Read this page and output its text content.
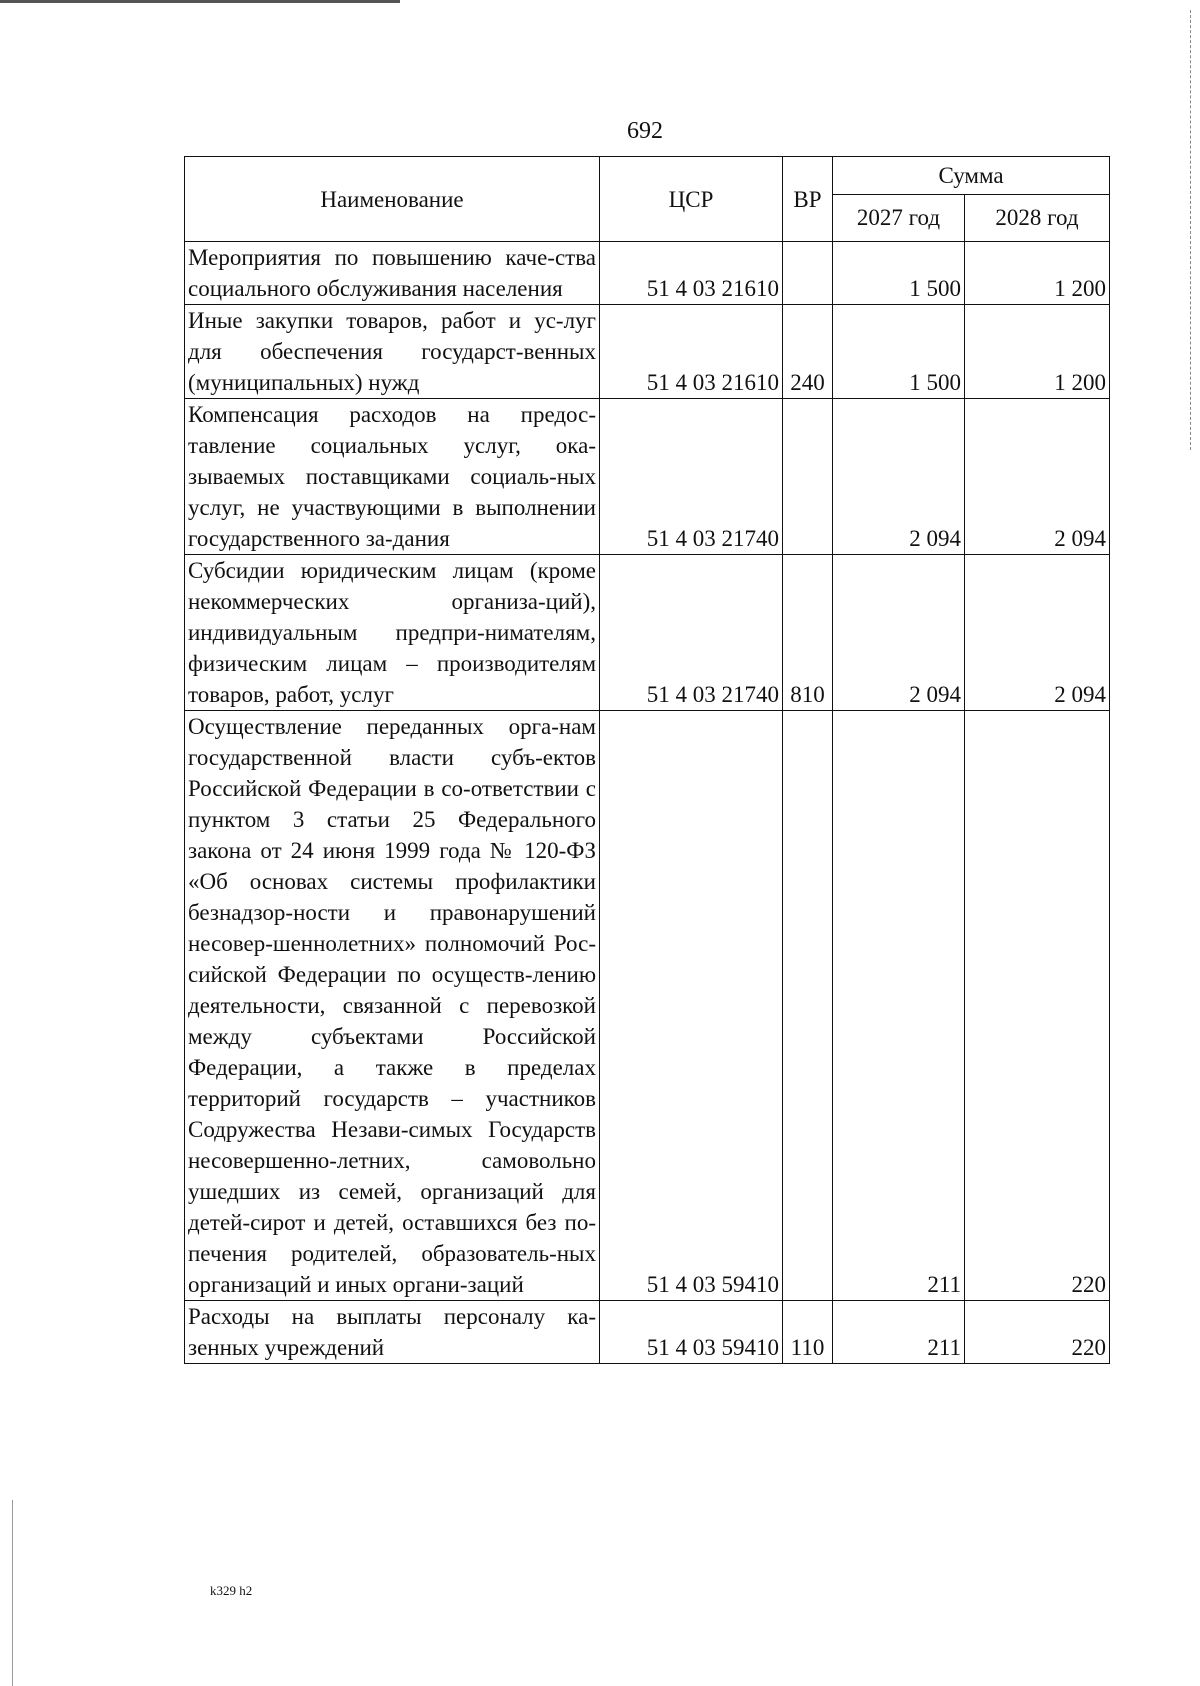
692
Наименование	ЦСР	ВР	Сумма	
			2027 год	2028 год
Мероприятия по повышению каче-ства социального обслуживания населения	51 4 03 21610		1 500	1 200
Иные закупки товаров, работ и ус-луг для обеспечения государст-венных (муниципальных) нужд	51 4 03 21610	240	1 500	1 200
Компенсация расходов на предос-тавление социальных услуг, ока-зываемых поставщиками социаль-ных услуг, не участвующими в выполнении государственного за-дания	51 4 03 21740		2 094	2 094
Субсидии юридическим лицам (кроме некоммерческих организа-ций), индивидуальным предпри-нимателям, физическим лицам – производителям товаров, работ, услуг	51 4 03 21740	810	2 094	2 094
Осуществление переданных орга-нам государственной власти субъ-ектов Российской Федерации в со-ответствии с пунктом 3 статьи 25 Федерального закона от 24 июня 1999 года № 120-ФЗ «Об основах системы профилактики безнадзор-ности и правонарушений несовер-шеннолетних» полномочий Рос-сийской Федерации по осуществ-лению деятельности, связанной с перевозкой между субъектами Российской Федерации, а также в пределах территорий государств – участников Содружества Незави-симых Государств несовершенно-летних, самовольно ушедших из семей, организаций для детей-сирот и детей, оставшихся без по-печения родителей, образователь-ных организаций и иных органи-заций	51 4 03 59410		211	220
Расходы на выплаты персоналу ка-зенных учреждений	51 4 03 59410	110	211	220
k329 h2
